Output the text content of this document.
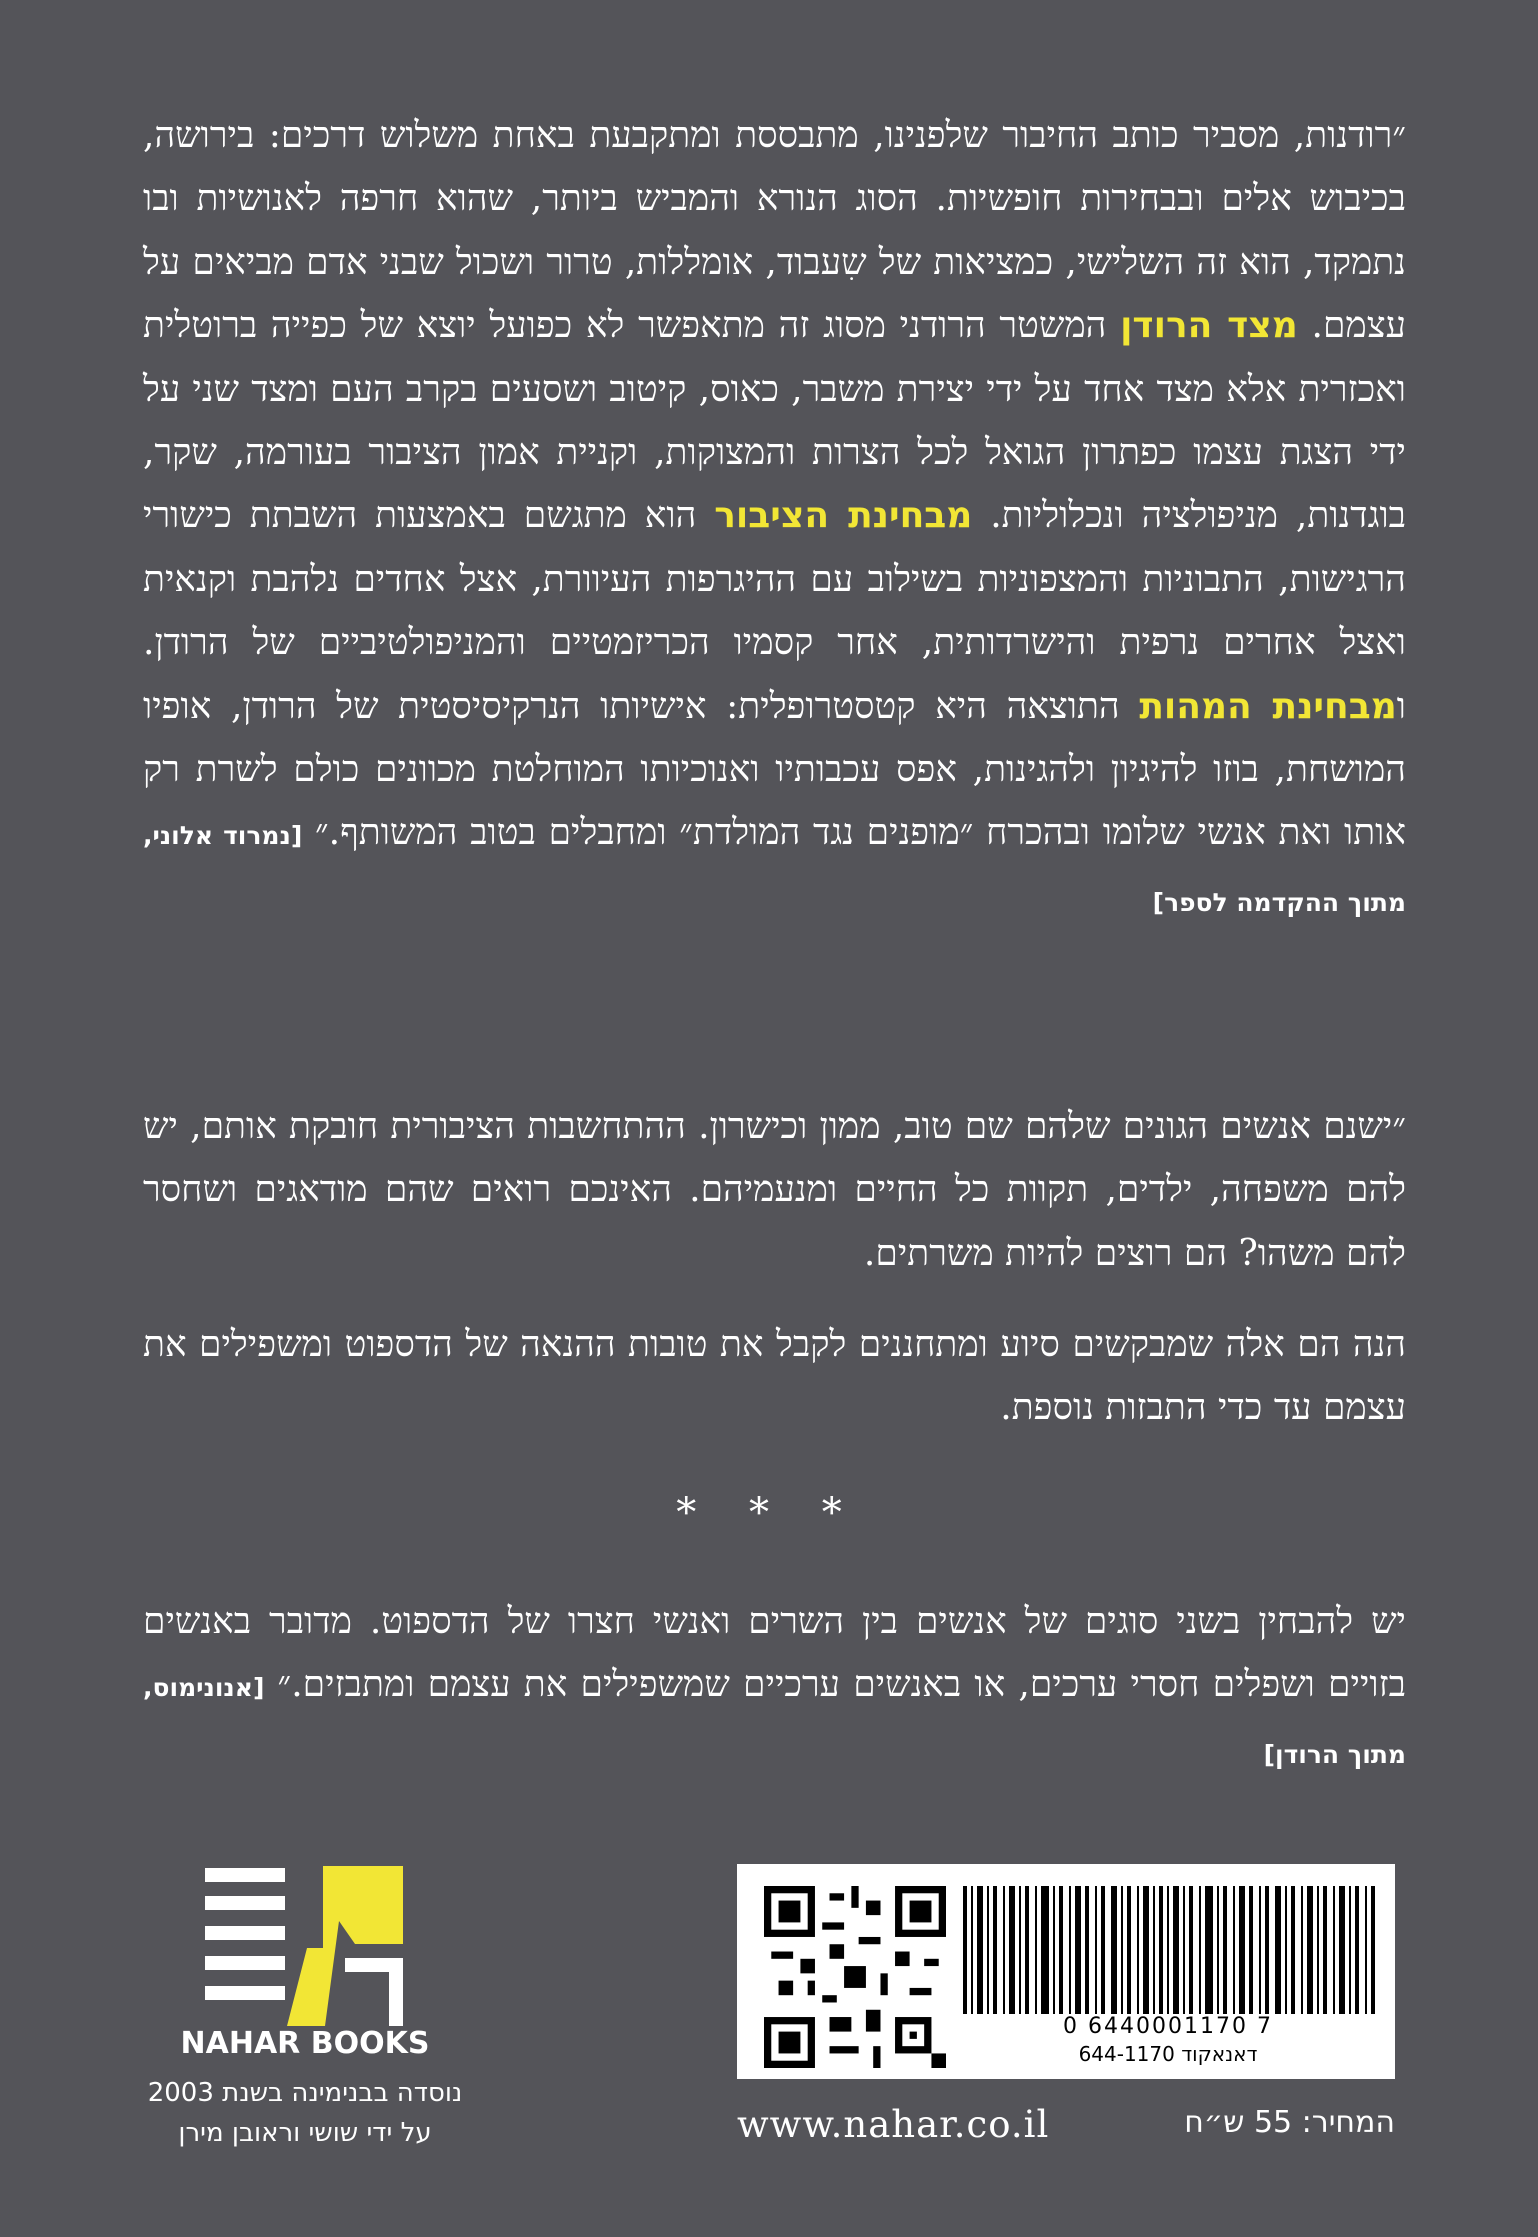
״רודנות, מסביר כותב החיבור שלפנינו, מתבססת ומתקבעת באחת משלוש דרכים: בירושה, בכיבוש אלים ובבחירות חופשיות. הסוג הנורא והמביש ביותר, שהוא חרפה לאנושיות ובו נתמקד, הוא זה השלישי, כמציאות של שִעבוד, אומללות, טרור ושכול שבני אדם מביאים על עצמם. מצד הרודן המשטר הרודני מסוג זה מתאפשר לא כפועל יוצא של כפייה ברוטלית ואכזרית אלא מצד אחד על ידי יצירת משבר, כאוס, קיטוב ושסעים בקרב העם ומצד שני על ידי הצגת עצמו כפתרון הגואל לכל הצרות והמצוקות, וקניית אמון הציבור בעורמה, שקר, בוגדנות, מניפולציה ונכלוליות. מבחינת הציבור הוא מתגשם באמצעות השבתת כישורי הרגישות, התבוניות והמצפוניות בשילוב עם ההיגרפות העיוורת, אצל אחדים נלהבת וקנאית ואצל אחרים נרפית והישרדותית, אחר קסמיו הכריזמטיים והמניפולטיביים של הרודן. ומבחינת המהות התוצאה היא קטסטרופלית: אישיותו הנרקיסיסטית של הרודן, אופיו המושחת, בוזו להיגיון ולהגינות, אפס עכבותיו ואנוכיותו המוחלטת מכוונים כולם לשרת רק אותו ואת אנשי שלומו ובהכרח ״מופנים נגד המולדת״ ומחבלים בטוב המשותף.״ [נמרוד אלוני, מתוך ההקדמה לספר]
״ישנם אנשים הגונים שלהם שם טוב, ממון וכישרון. ההתחשבות הציבורית חובקת אותם, יש להם משפחה, ילדים, תקוות כל החיים ומנעמיהם. האינכם רואים שהם מודאגים ושחסר להם משהו? הם רוצים להיות משרתים.
הנה הם אלה שמבקשים סיוע ומתחננים לקבל את טובות ההנאה של הדספוט ומשפילים את עצמם עד כדי התבזות נוספת.
* * *
יש להבחין בשני סוגים של אנשים בין השרים ואנשי חצרו של הדספוט. מדובר באנשים בזויים ושפלים חסרי ערכים, או באנשים ערכיים שמשפילים את עצמם ומתבזים.״ [אנונימוס, מתוך הרודן]
NAHAR BOOKS
נוסדה בבנימינה בשנת 2003
על ידי שושי וראובן מירן
0 6440001170 7
דאנאקוד 644-1170
www.nahar.co.il	המחיר: 55 ש״ח
